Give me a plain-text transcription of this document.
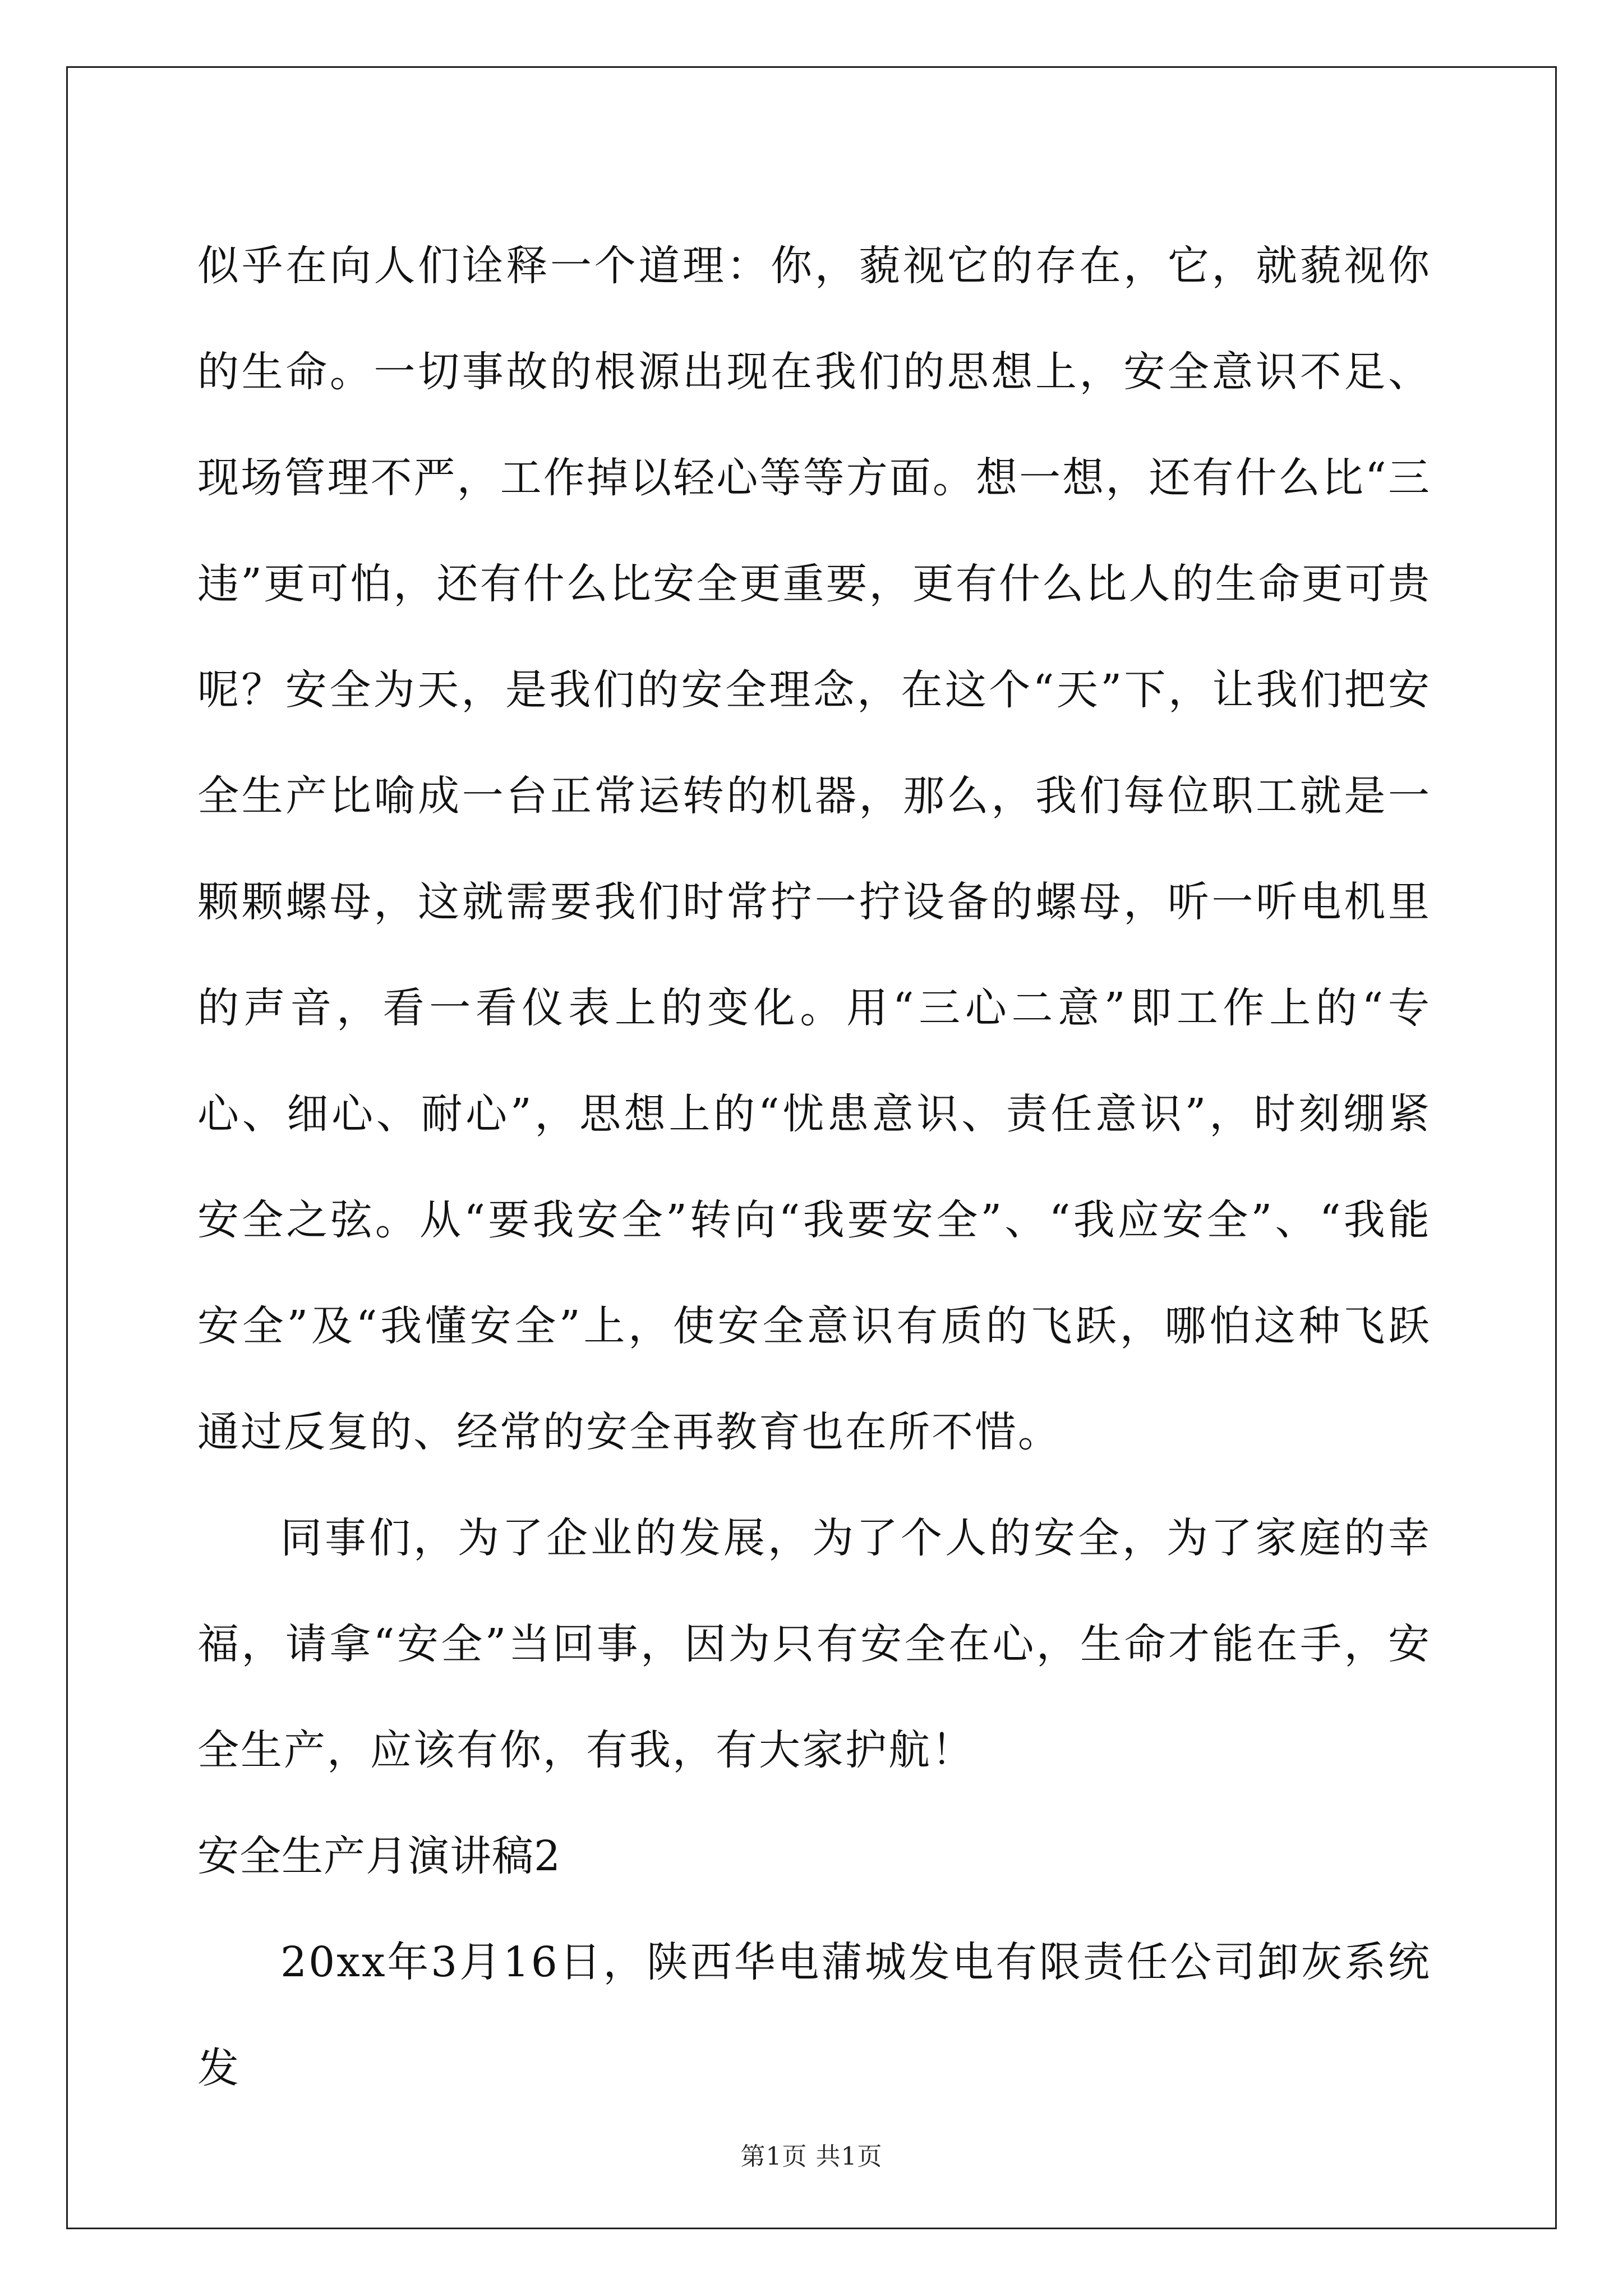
似乎在向人们诠释一个道理：你，藐视它的存在，它，就藐视你的生命。一切事故的根源出现在我们的思想上，安全意识不足、现场管理不严，工作掉以轻心等等方面。想一想，还有什么比“三违”更可怕，还有什么比安全更重要，更有什么比人的生命更可贵呢？安全为天，是我们的安全理念，在这个“天”下，让我们把安全生产比喻成一台正常运转的机器，那么，我们每位职工就是一颗颗螺母，这就需要我们时常拧一拧设备的螺母，听一听电机里的声音，看一看仪表上的变化。用“三心二意”即工作上的“专心、细心、耐心”，思想上的“忧患意识、责任意识”，时刻绷紧安全之弦。从“要我安全”转向“我要安全”、“我应安全”、“我能安全”及“我懂安全”上，使安全意识有质的飞跃，哪怕这种飞跃通过反复的、经常的安全再教育也在所不惜。

同事们，为了企业的发展，为了个人的安全，为了家庭的幸福，请拿“安全”当回事，因为只有安全在心，生命才能在手，安全生产，应该有你，有我，有大家护航！

安全生产月演讲稿2

20xx年3月16日，陕西华电蒲城发电有限责任公司卸灰系统发

第1页 共1页
